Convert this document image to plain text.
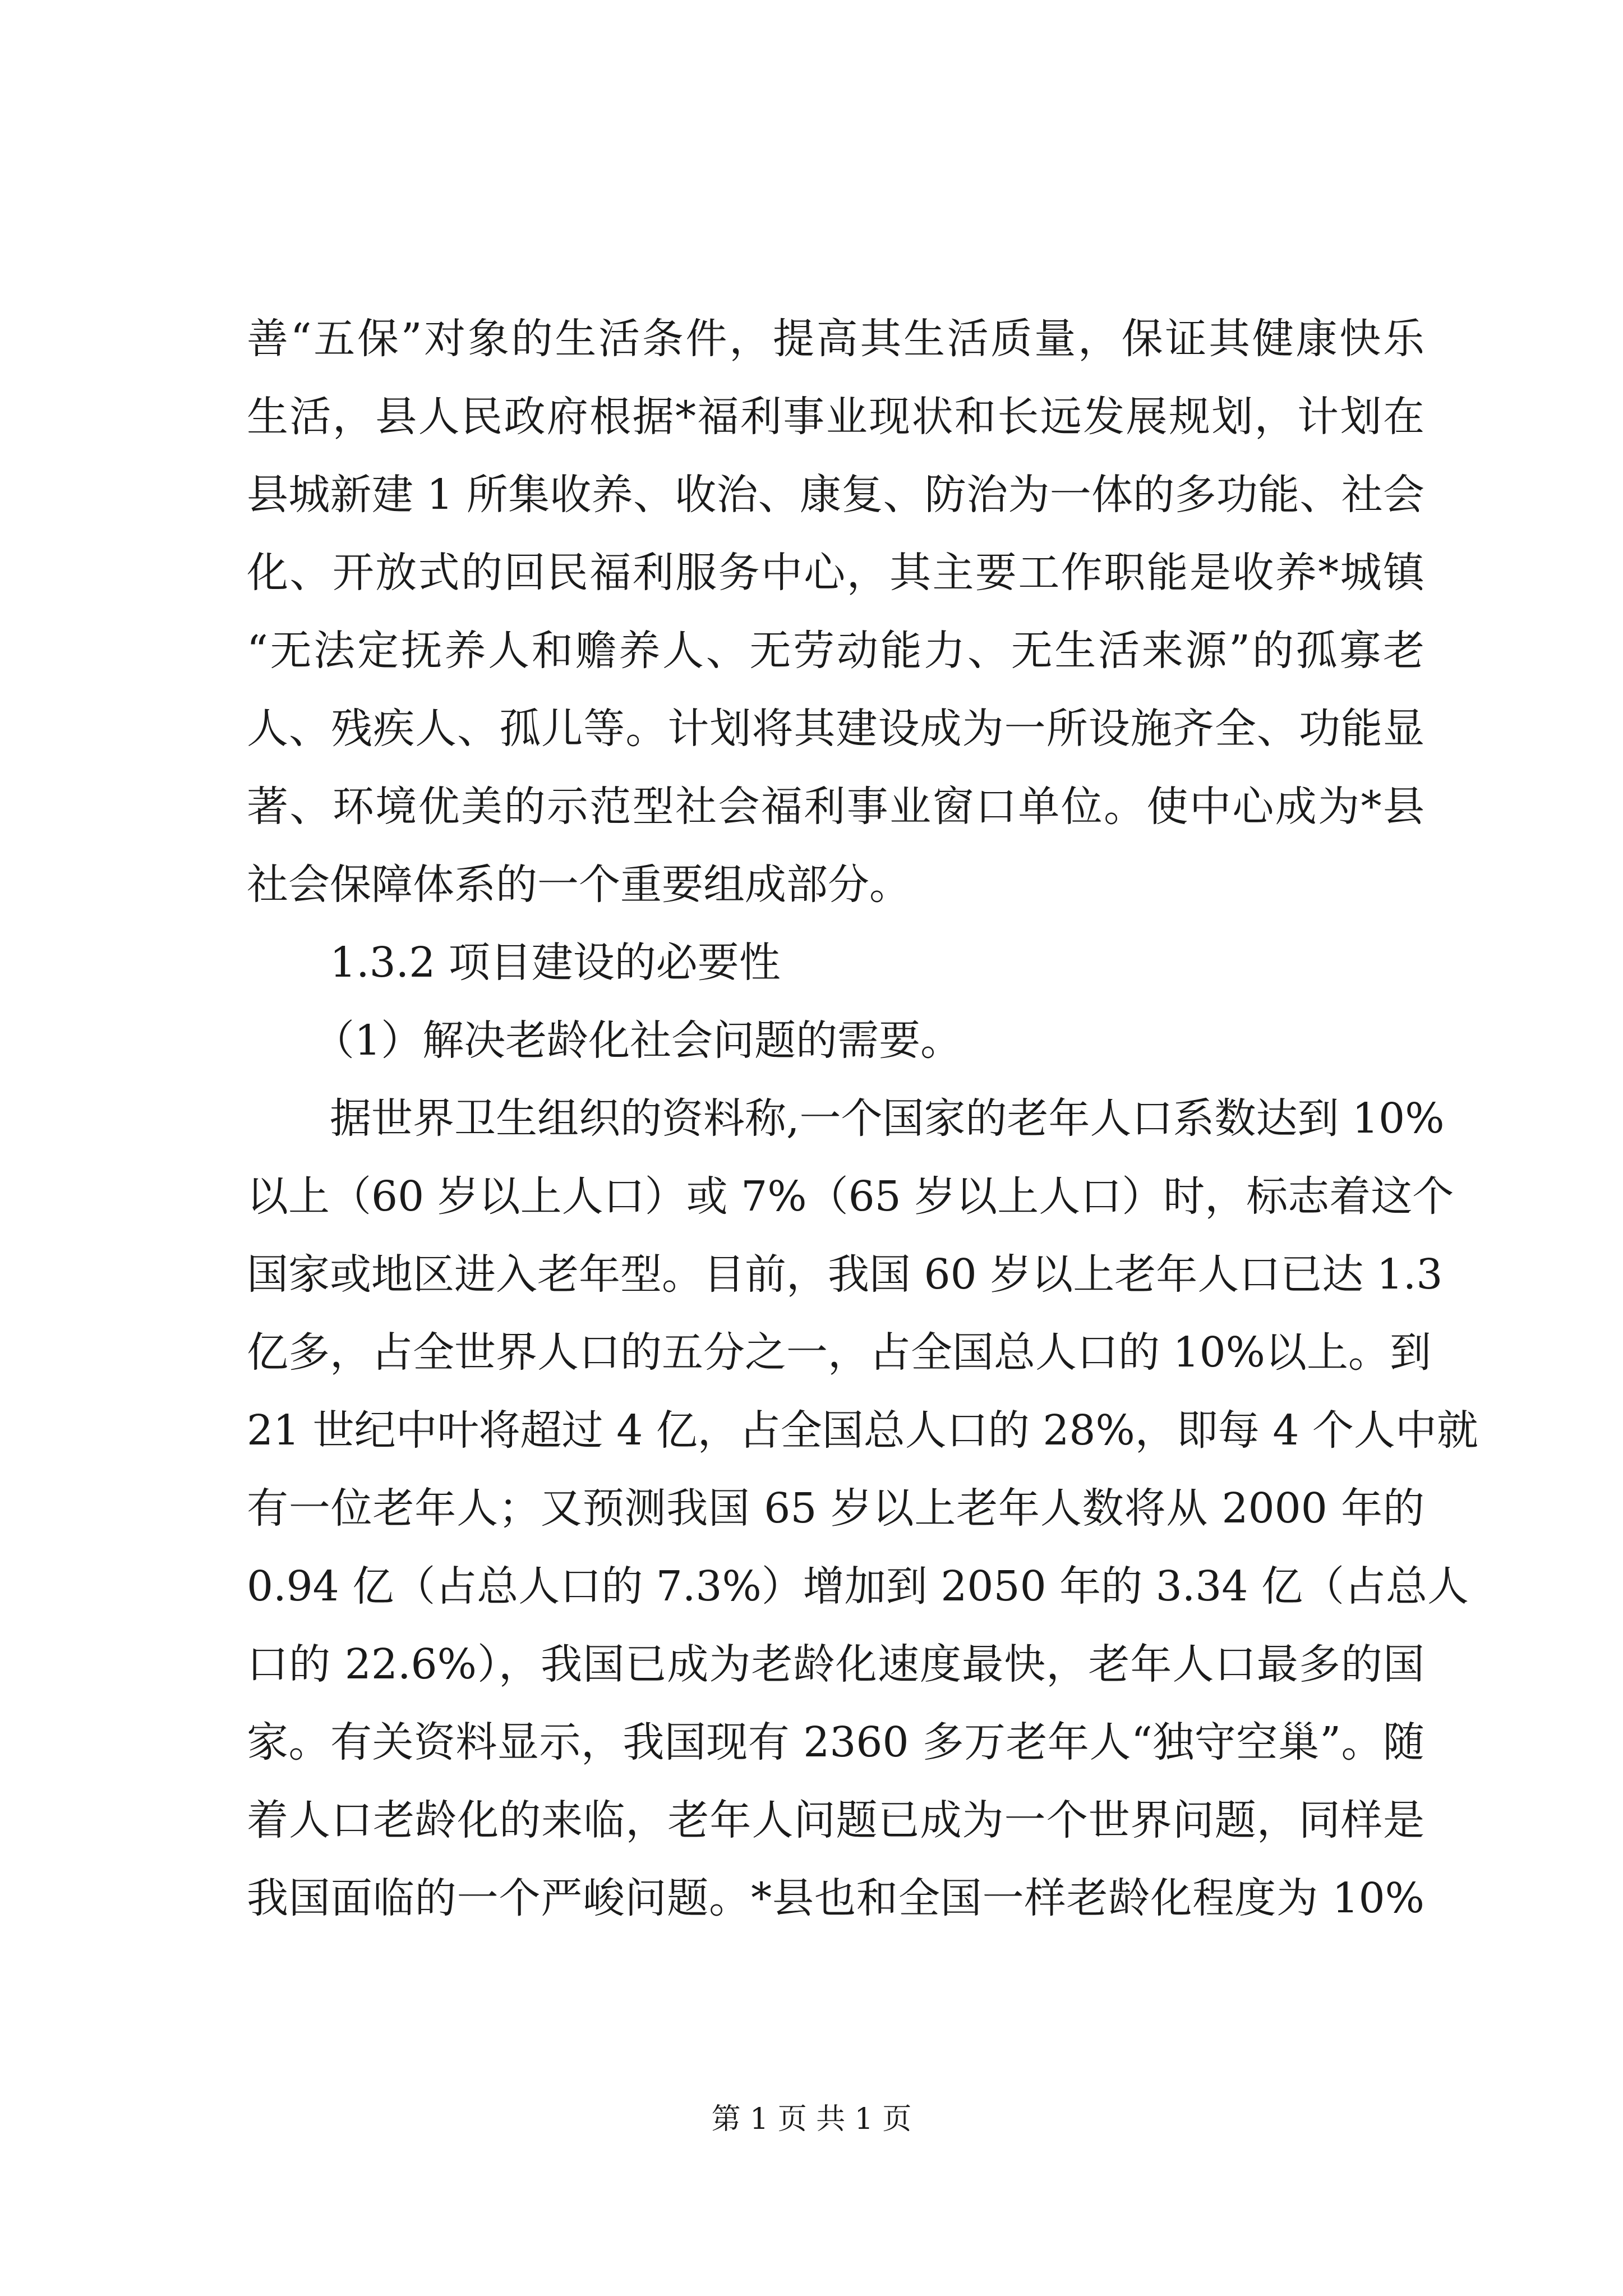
善“五保”对象的生活条件，提高其生活质量，保证其健康快乐
生活，县人民政府根据*福利事业现状和长远发展规划，计划在
县城新建 1 所集收养、收治、康复、防治为一体的多功能、社会
化、开放式的回民福利服务中心，其主要工作职能是收养*城镇
“无法定抚养人和赡养人、无劳动能力、无生活来源”的孤寡老
人、残疾人、孤儿等。计划将其建设成为一所设施齐全、功能显
著、环境优美的示范型社会福利事业窗口单位。使中心成为*县
社会保障体系的一个重要组成部分。
1.3.2 项目建设的必要性
（1）解决老龄化社会问题的需要。
据世界卫生组织的资料称,一个国家的老年人口系数达到 10%
以上（60 岁以上人口）或 7%（65 岁以上人口）时，标志着这个
国家或地区进入老年型。目前，我国 60 岁以上老年人口已达 1.3
亿多，占全世界人口的五分之一，占全国总人口的 10%以上。到
21 世纪中叶将超过 4 亿，占全国总人口的 28%，即每 4 个人中就
有一位老年人；又预测我国 65 岁以上老年人数将从 2000 年的
0.94 亿（占总人口的 7.3%）增加到 2050 年的 3.34 亿（占总人
口的 22.6%），我国已成为老龄化速度最快，老年人口最多的国
家。有关资料显示，我国现有 2360 多万老年人“独守空巢”。随
着人口老龄化的来临，老年人问题已成为一个世界问题，同样是
我国面临的一个严峻问题。*县也和全国一样老龄化程度为 10%
第 1 页 共 1 页
